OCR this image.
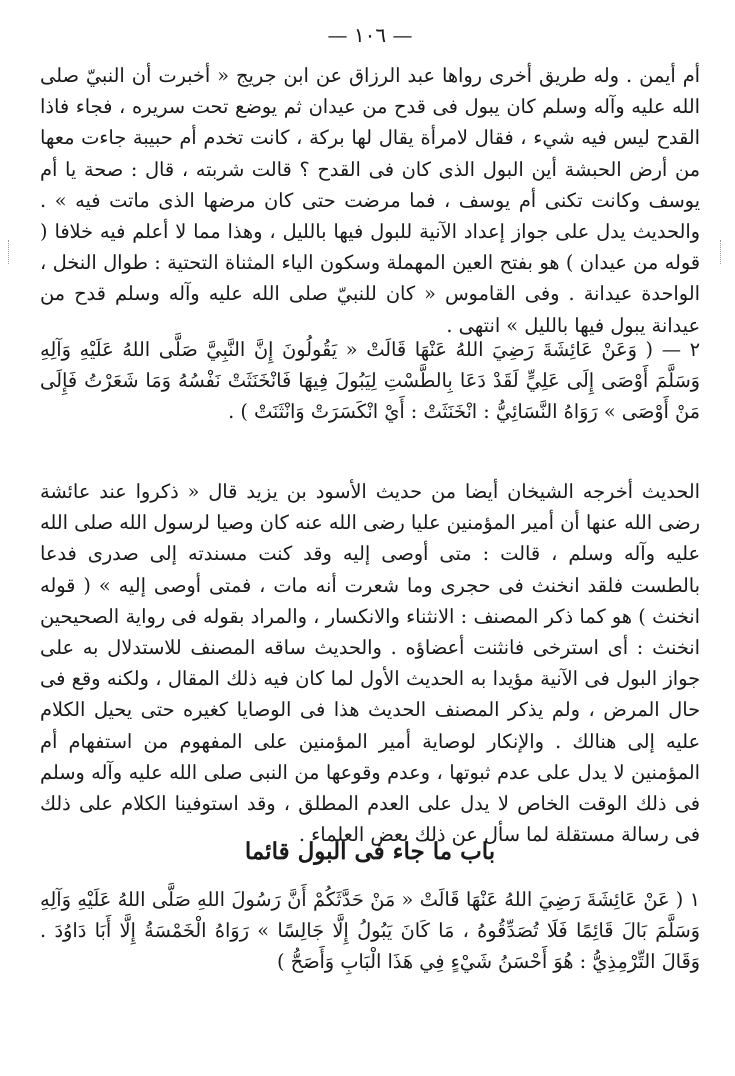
— ١٠٦ —

أم أيمن . وله طريق أخرى رواها عبد الرزاق عن ابن جريج « أخبرت أن النبيّ صلى الله عليه وآله وسلم كان يبول فى قدح من عيدان ثم يوضع تحت سريره ، فجاء فاذا القدح ليس فيه شيء ، فقال لامرأة يقال لها بركة ، كانت تخدم أم حبيبة جاءت معها من أرض الحبشة أين البول الذى كان فى القدح ؟ قالت شربته ، قال : صحة يا أم يوسف وكانت تكنى أم يوسف ، فما مرضت حتى كان مرضها الذى ماتت فيه » . والحديث يدل على جواز إعداد الآنية للبول فيها بالليل ، وهذا مما لا أعلم فيه خلافا ( قوله من عيدان ) هو بفتح العين المهملة وسكون الياء المثناة التحتية : طوال النخل ، الواحدة عيدانة . وفى القاموس « كان للنبيّ صلى الله عليه وآله وسلم قدح من عيدانة يبول فيها بالليل » انتهى .

٢ — ( وَعَنْ عَائِشَةَ رَضِيَ اللهُ عَنْهَا قَالَتْ « يَقُولُونَ إِنَّ النَّبِيَّ صَلَّى اللهُ عَلَيْهِ وَآلِهِ وَسَلَّمَ أَوْصَى إِلَى عَلِيٍّ لَقَدْ دَعَا بِالطَّسْتِ لِيَبُولَ فِيهَا فَانْخَنَثَتْ نَفْسُهُ وَمَا شَعَرْتُ فَإِلَى مَنْ أَوْصَى » رَوَاهُ النَّسَائِيُّ : انْخَنَثَتْ : أَيْ انْكَسَرَتْ وَانْثَنَتْ ) .

الحديث أخرجه الشيخان أيضا من حديث الأسود بن يزيد قال « ذكروا عند عائشة رضى الله عنها أن أمير المؤمنين عليا رضى الله عنه كان وصيا لرسول الله صلى الله عليه وآله وسلم ، قالت : متى أوصى إليه وقد كنت مسندته إلى صدرى فدعا بالطست فلقد انخنث فى حجرى وما شعرت أنه مات ، فمتى أوصى إليه » ( قوله انخنث ) هو كما ذكر المصنف : الانثناء والانكسار ، والمراد بقوله فى رواية الصحيحين انخنث : أى استرخى فانثنت أعضاؤه . والحديث ساقه المصنف للاستدلال به على جواز البول فى الآنية مؤيدا به الحديث الأول لما كان فيه ذلك المقال ، ولكنه وقع فى حال المرض ، ولم يذكر المصنف الحديث هذا فى الوصايا كغيره حتى يحيل الكلام عليه إلى هنالك . والإنكار لوصاية أمير المؤمنين على المفهوم من استفهام أم المؤمنين لا يدل على عدم ثبوتها ، وعدم وقوعها من النبى صلى الله عليه وآله وسلم فى ذلك الوقت الخاص لا يدل على العدم المطلق ، وقد استوفينا الكلام على ذلك فى رسالة مستقلة لما سأل عن ذلك بعض العلماء .

باب ما جاء فى البول قائما

١ ( عَنْ عَائِشَةَ رَضِيَ اللهُ عَنْهَا قَالَتْ « مَنْ حَدَّثَكُمْ أَنَّ رَسُولَ اللهِ صَلَّى اللهُ عَلَيْهِ وَآلِهِ وَسَلَّمَ بَالَ قَائِمًا فَلَا تُصَدِّقُوهُ ، مَا كَانَ يَبُولُ إِلَّا جَالِسًا » رَوَاهُ الْخَمْسَةُ إِلَّا أَبَا دَاوُدَ . وَقَالَ التِّرْمِذِيُّ : هُوَ أَحْسَنُ شَيْءٍ فِي هَذَا الْبَابِ وَأَصَحُّ )
